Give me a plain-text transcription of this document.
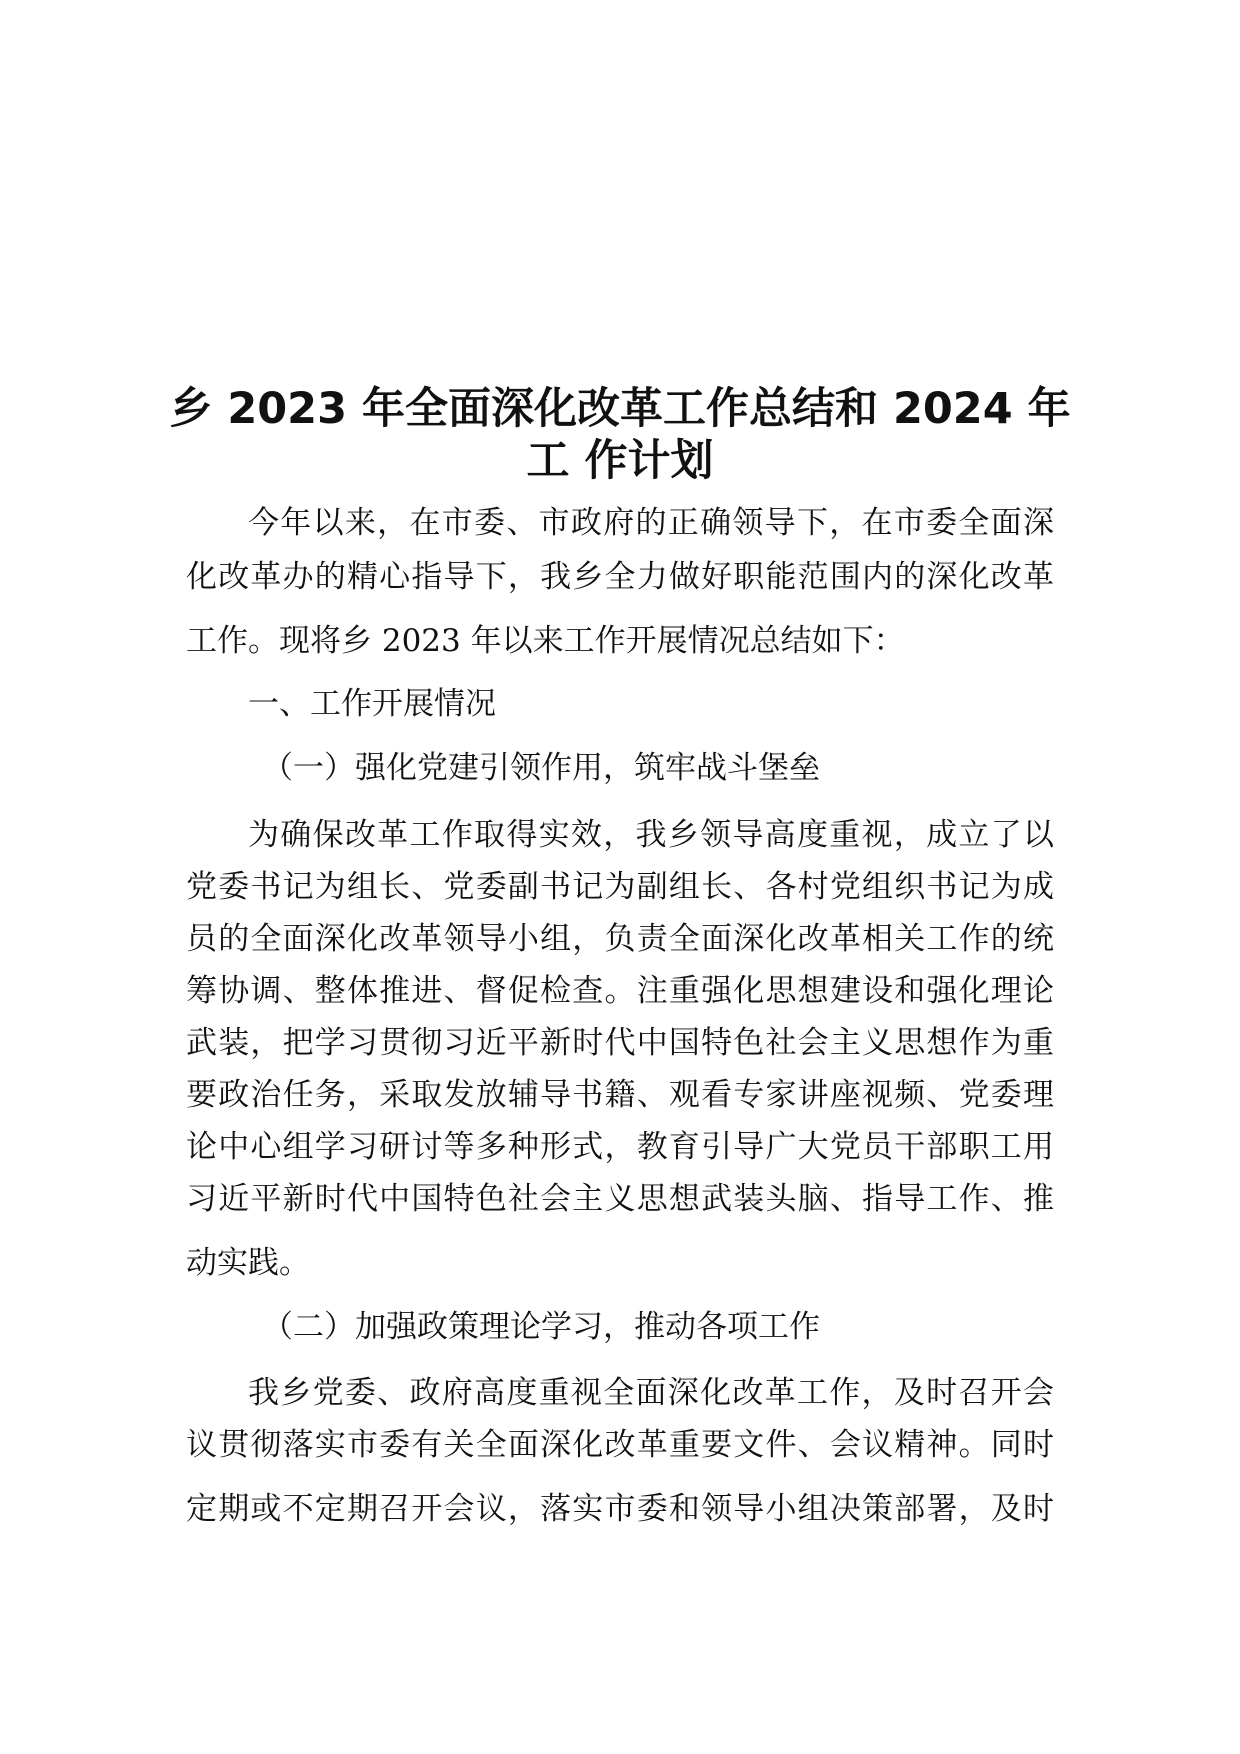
乡 2023 年全面深化改革工作总结和 2024 年
工 作计划

今年以来，在市委、市政府的正确领导下，在市委全面深

化改革办的精心指导下，我乡全力做好职能范围内的深化改革

工作。现将乡 2023 年以来工作开展情况总结如下：

一、工作开展情况

（一）强化党建引领作用，筑牢战斗堡垒

为确保改革工作取得实效，我乡领导高度重视，成立了以

党委书记为组长、党委副书记为副组长、各村党组织书记为成

员的全面深化改革领导小组，负责全面深化改革相关工作的统

筹协调、整体推进、督促检查。注重强化思想建设和强化理论

武装，把学习贯彻习近平新时代中国特色社会主义思想作为重

要政治任务，采取发放辅导书籍、观看专家讲座视频、党委理

论中心组学习研讨等多种形式，教育引导广大党员干部职工用

习近平新时代中国特色社会主义思想武装头脑、指导工作、推

动实践。

（二）加强政策理论学习，推动各项工作

我乡党委、政府高度重视全面深化改革工作，及时召开会

议贯彻落实市委有关全面深化改革重要文件、会议精神。同时

定期或不定期召开会议，落实市委和领导小组决策部署，及时
